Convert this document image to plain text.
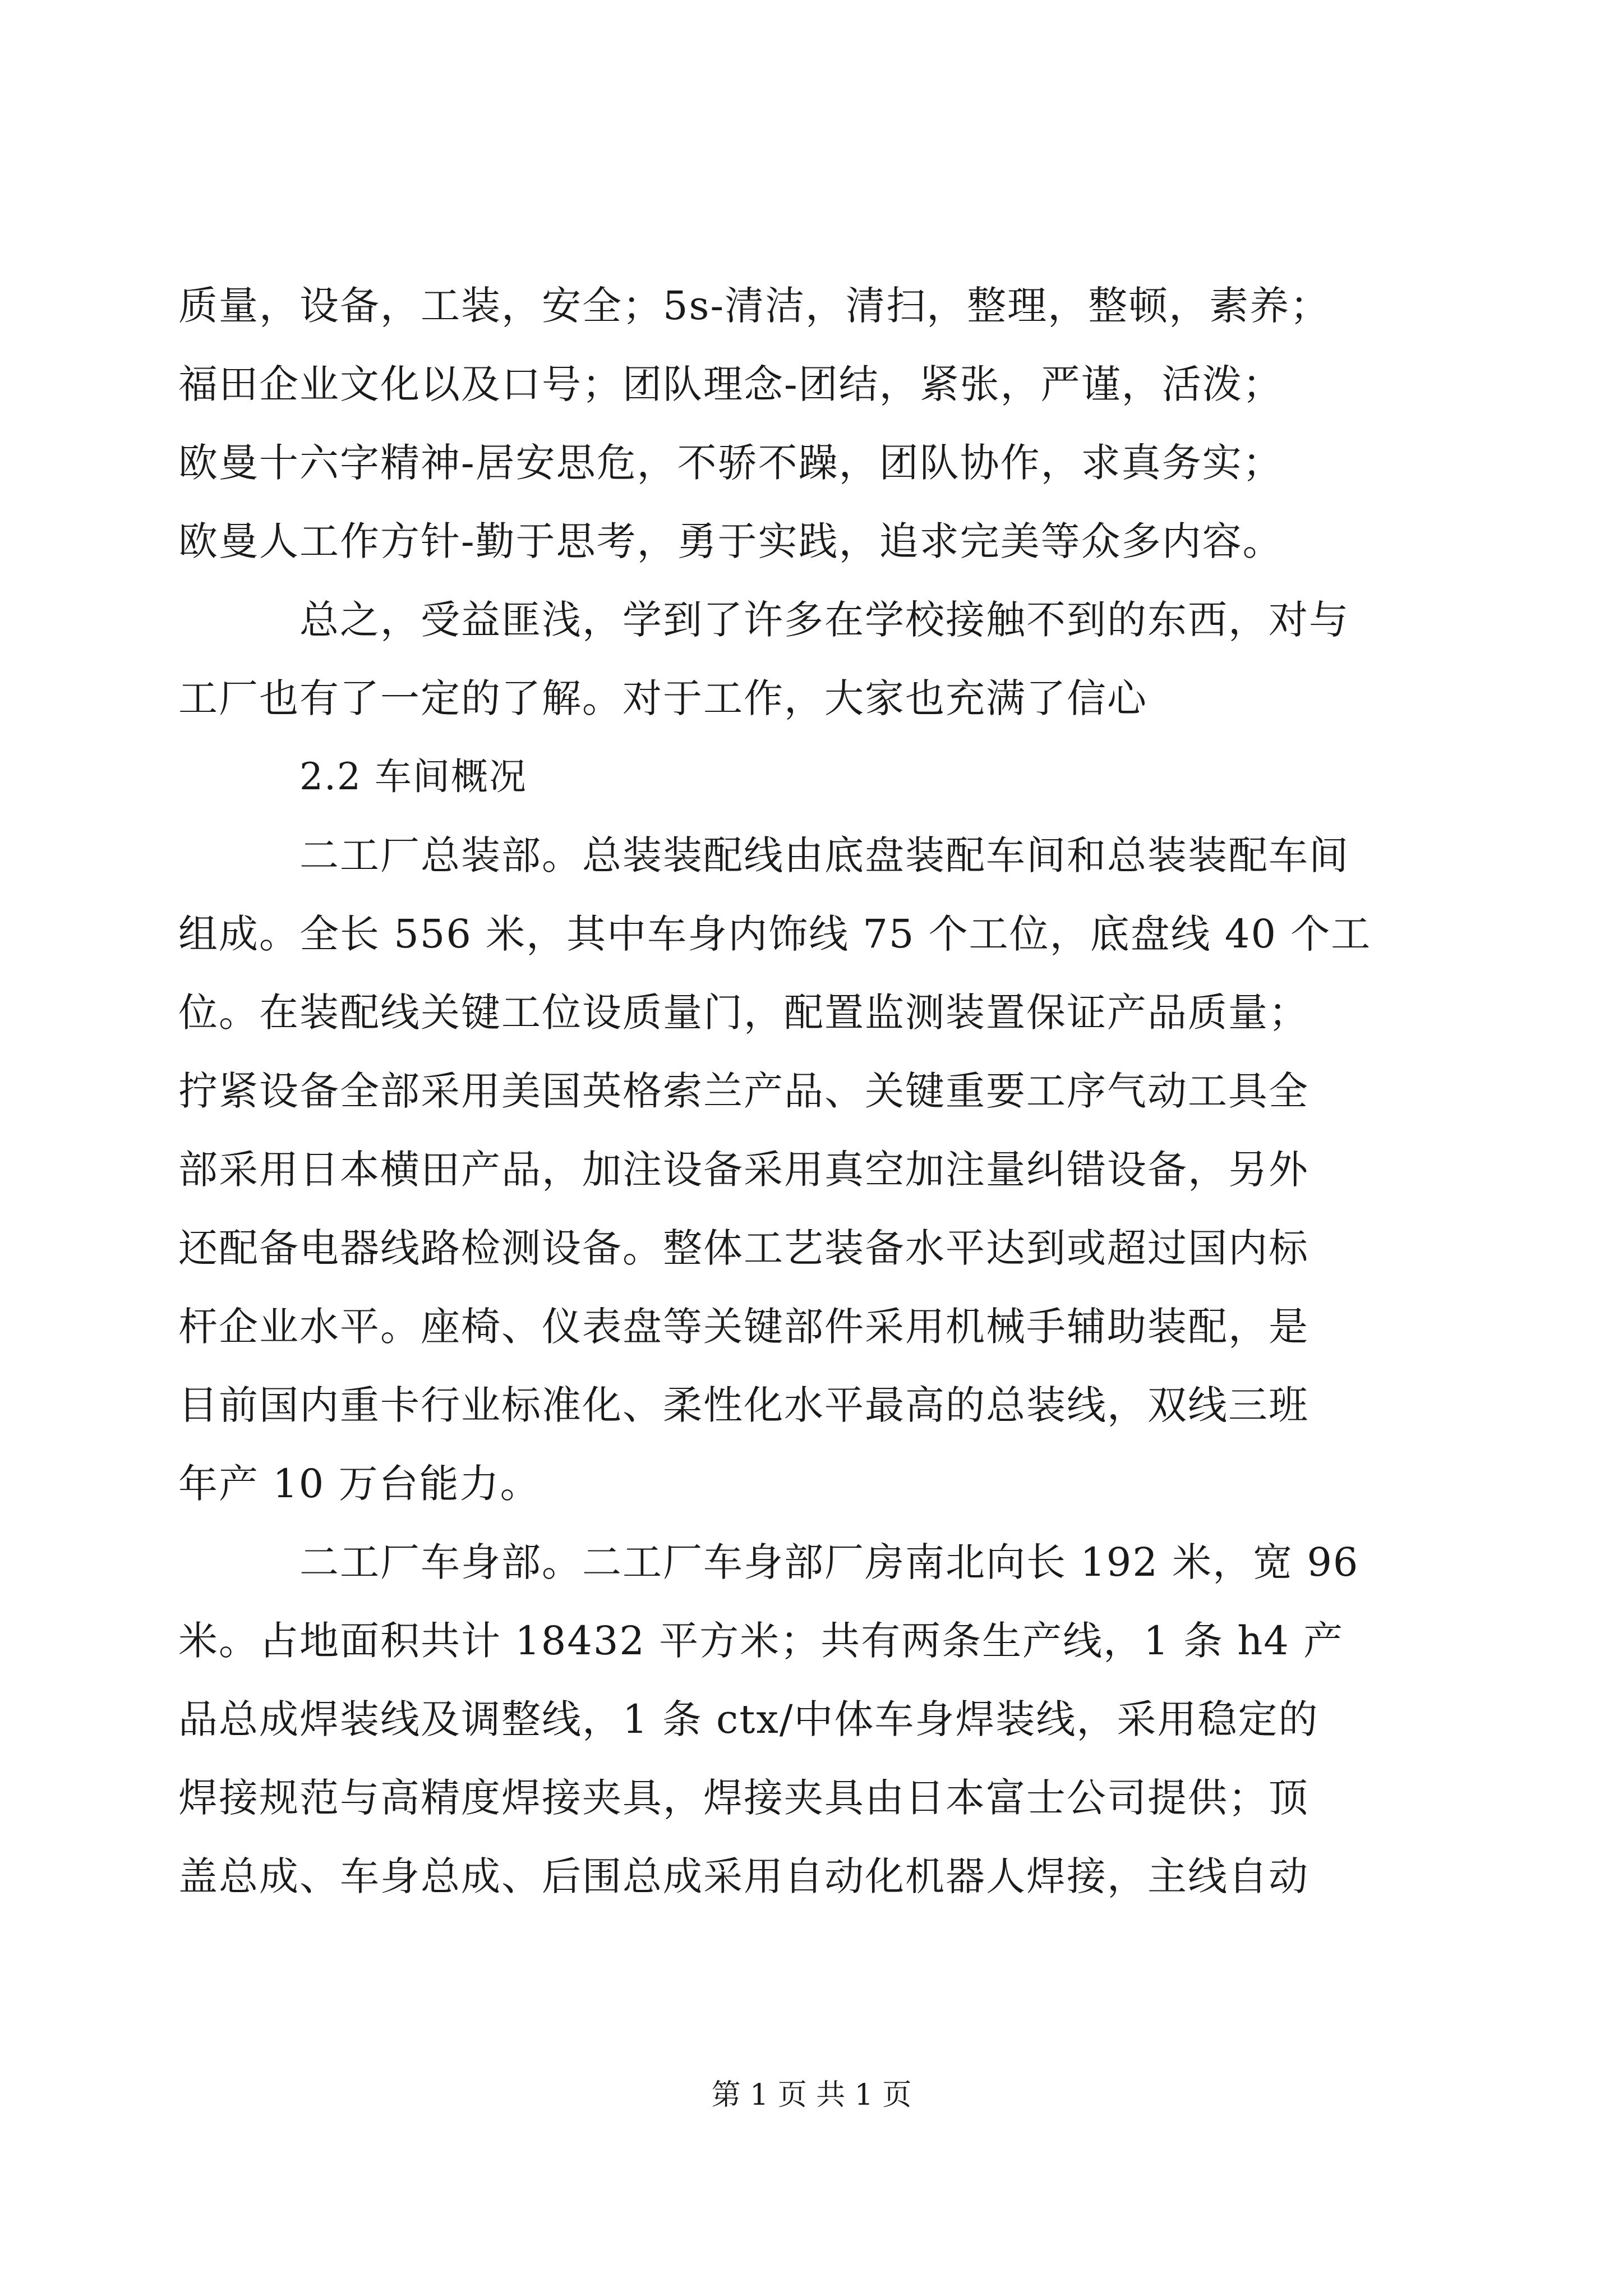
质量，设备，工装，安全；5s-清洁，清扫，整理，整顿，素养；
福田企业文化以及口号；团队理念-团结，紧张，严谨，活泼；
欧曼十六字精神-居安思危，不骄不躁，团队协作，求真务实；
欧曼人工作方针-勤于思考，勇于实践，追求完美等众多内容。
总之，受益匪浅，学到了许多在学校接触不到的东西，对与
工厂也有了一定的了解。对于工作，大家也充满了信心
2.2 车间概况
二工厂总装部。总装装配线由底盘装配车间和总装装配车间
组成。全长 556 米，其中车身内饰线 75 个工位，底盘线 40 个工
位。在装配线关键工位设质量门，配置监测装置保证产品质量；
拧紧设备全部采用美国英格索兰产品、关键重要工序气动工具全
部采用日本横田产品，加注设备采用真空加注量纠错设备，另外
还配备电器线路检测设备。整体工艺装备水平达到或超过国内标
杆企业水平。座椅、仪表盘等关键部件采用机械手辅助装配，是
目前国内重卡行业标准化、柔性化水平最高的总装线，双线三班
年产 10 万台能力。
二工厂车身部。二工厂车身部厂房南北向长 192 米，宽 96
米。占地面积共计 18432 平方米；共有两条生产线，1 条 h4 产
品总成焊装线及调整线，1 条 ctx/中体车身焊装线，采用稳定的
焊接规范与高精度焊接夹具，焊接夹具由日本富士公司提供；顶
盖总成、车身总成、后围总成采用自动化机器人焊接，主线自动
第 1 页 共 1 页
